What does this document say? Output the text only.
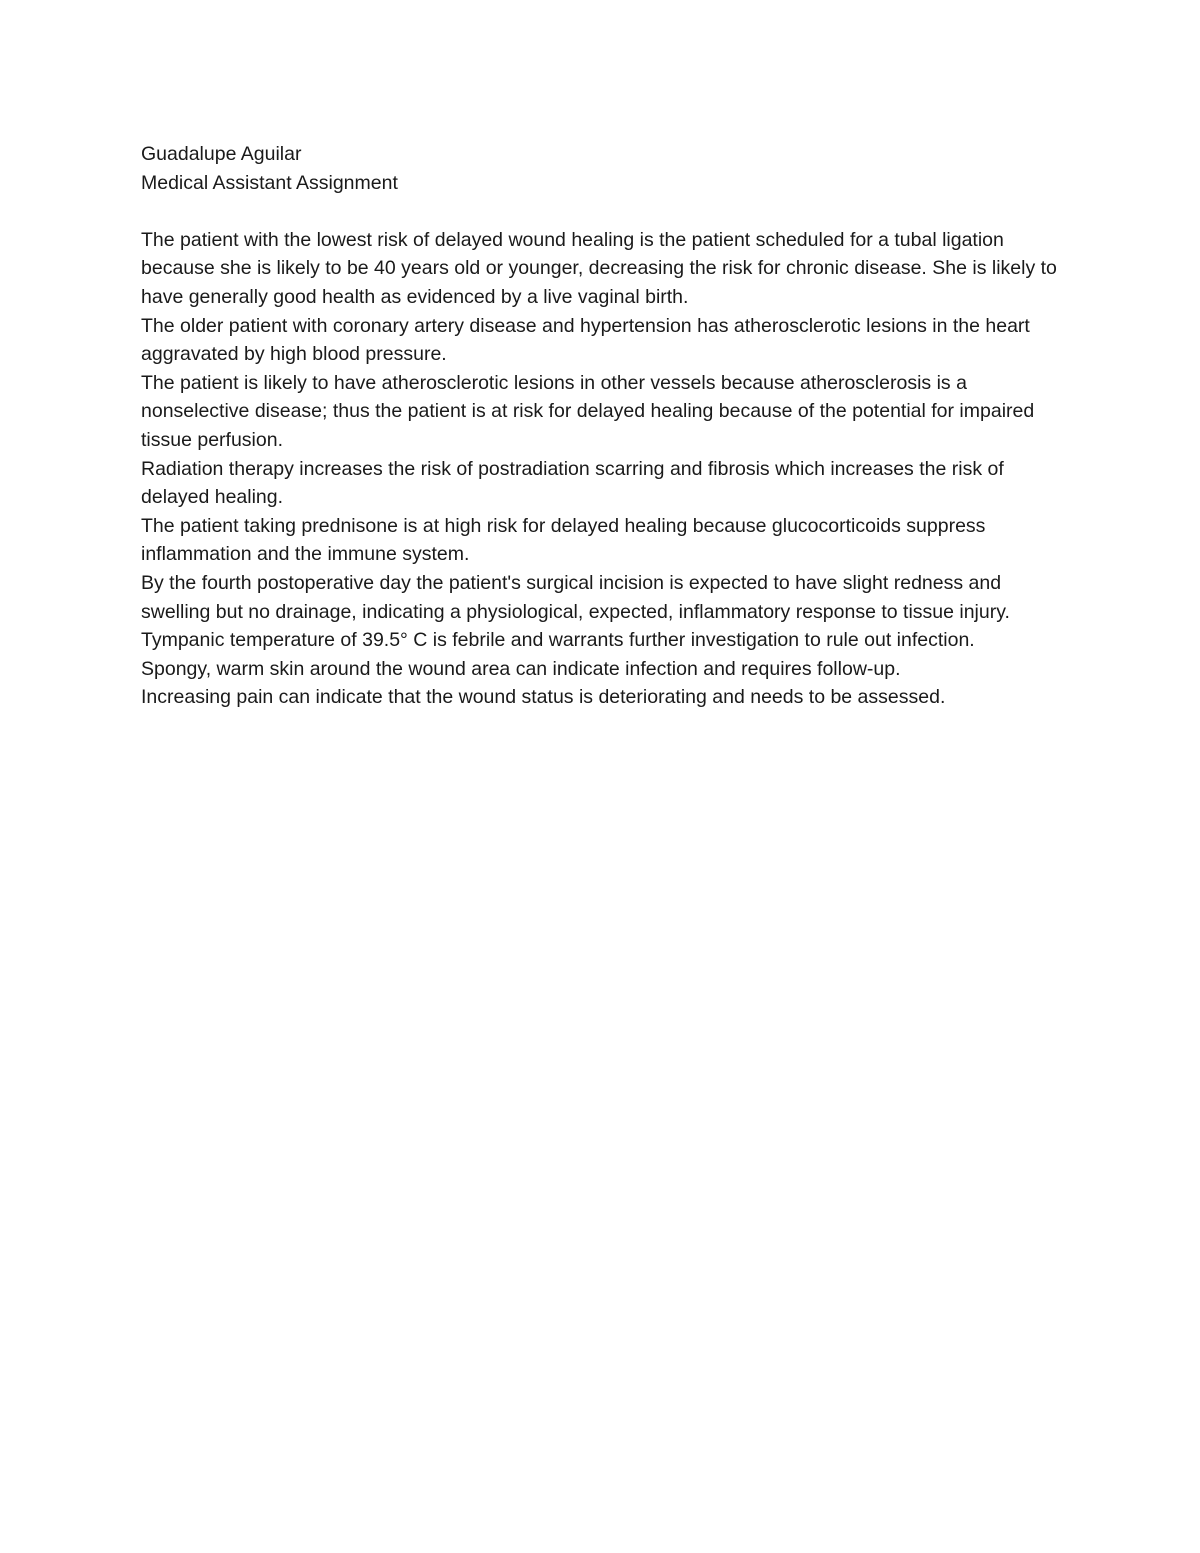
Guadalupe Aguilar
Medical Assistant Assignment
The patient with the lowest risk of delayed wound healing is the patient scheduled for a tubal ligation because she is likely to be 40 years old or younger, decreasing the risk for chronic disease. She is likely to have generally good health as evidenced by a live vaginal birth.
The older patient with coronary artery disease and hypertension has atherosclerotic lesions in the heart aggravated by high blood pressure.
The patient is likely to have atherosclerotic lesions in other vessels because atherosclerosis is a nonselective disease; thus the patient is at risk for delayed healing because of the potential for impaired tissue perfusion.
Radiation therapy increases the risk of postradiation scarring and fibrosis which increases the risk of delayed healing.
The patient taking prednisone is at high risk for delayed healing because glucocorticoids suppress inflammation and the immune system.
By the fourth postoperative day the patient's surgical incision is expected to have slight redness and swelling but no drainage, indicating a physiological, expected, inflammatory response to tissue injury.
Tympanic temperature of 39.5° C is febrile and warrants further investigation to rule out infection.
Spongy, warm skin around the wound area can indicate infection and requires follow-up.
Increasing pain can indicate that the wound status is deteriorating and needs to be assessed.
